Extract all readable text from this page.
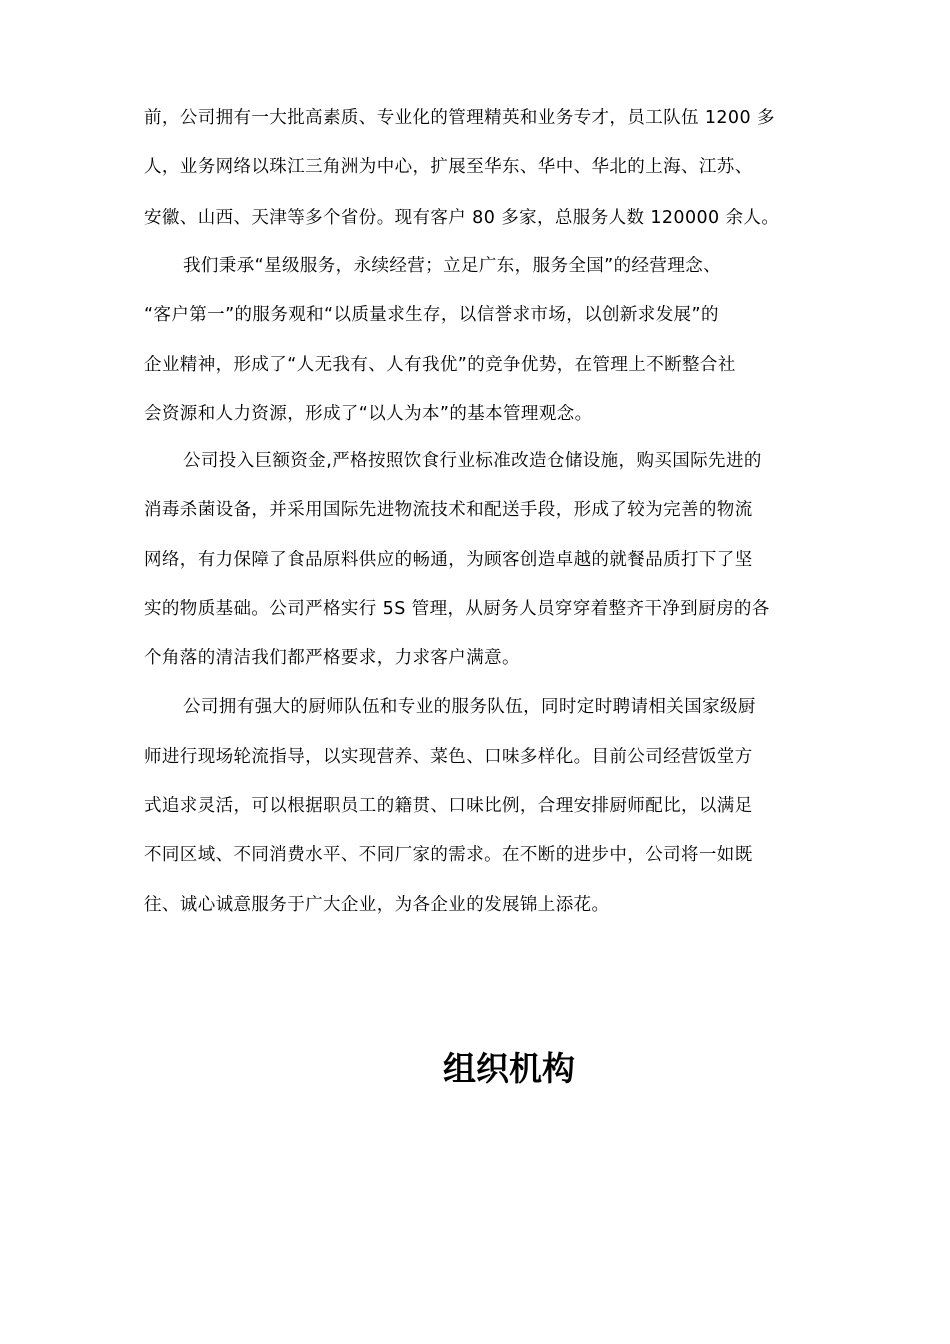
前，公司拥有一大批高素质、专业化的管理精英和业务专才，员工队伍 1200 多
人，业务网络以珠江三角洲为中心，扩展至华东、华中、华北的上海、江苏、
安徽、山西、天津等多个省份。现有客户 80 多家，总服务人数 120000 余人。
我们秉承“星级服务，永续经营；立足广东，服务全国”的经营理念、
“客户第一”的服务观和“以质量求生存，以信誉求市场，以创新求发展”的
企业精神，形成了“人无我有、人有我优”的竞争优势，在管理上不断整合社
会资源和人力资源，形成了“以人为本”的基本管理观念。
公司投入巨额资金,严格按照饮食行业标准改造仓储设施，购买国际先进的
消毒杀菌设备，并采用国际先进物流技术和配送手段，形成了较为完善的物流
网络，有力保障了食品原料供应的畅通，为顾客创造卓越的就餐品质打下了坚
实的物质基础。公司严格实行 5S 管理，从厨务人员穿穿着整齐干净到厨房的各
个角落的清洁我们都严格要求，力求客户满意。
公司拥有强大的厨师队伍和专业的服务队伍，同时定时聘请相关国家级厨
师进行现场轮流指导，以实现营养、菜色、口味多样化。目前公司经营饭堂方
式追求灵活，可以根据职员工的籍贯、口味比例，合理安排厨师配比，以满足
不同区域、不同消费水平、不同厂家的需求。在不断的进步中，公司将一如既
往、诚心诚意服务于广大企业，为各企业的发展锦上添花。
组织机构
